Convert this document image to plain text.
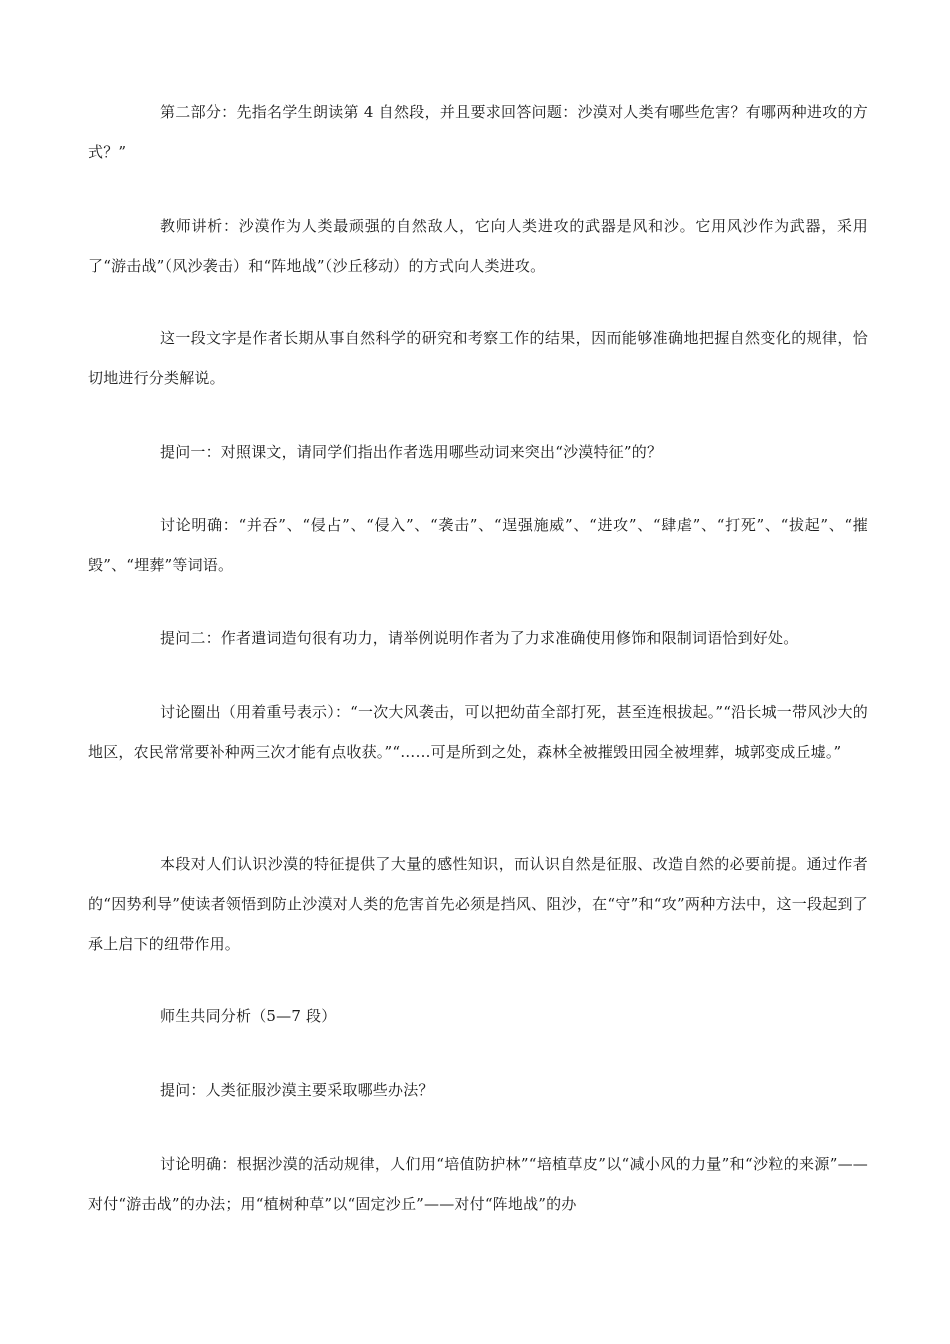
第二部分：先指名学生朗读第 4 自然段，并且要求回答问题：沙漠对人类有哪些危害？有哪两种进攻的方式？”

教师讲析：沙漠作为人类最顽强的自然敌人，它向人类进攻的武器是风和沙。它用风沙作为武器，采用了“游击战”（风沙袭击）和“阵地战”（沙丘移动）的方式向人类进攻。

这一段文字是作者长期从事自然科学的研究和考察工作的结果，因而能够准确地把握自然变化的规律，恰切地进行分类解说。

提问一：对照课文，请同学们指出作者选用哪些动词来突出“沙漠特征”的？

讨论明确：“并吞”、“侵占”、“侵入”、“袭击”、“逞强施威”、“进攻”、“肆虐”、“打死”、“拔起”、“摧毁”、“埋葬”等词语。

提问二：作者遣词造句很有功力，请举例说明作者为了力求准确使用修饰和限制词语恰到好处。

讨论圈出（用着重号表示）：“一次大风袭击，可以把幼苗全部打死，甚至连根拔起。”“沿长城一带风沙大的地区，农民常常要补种两三次才能有点收获。”“……可是所到之处，森林全被摧毁田园全被埋葬，城郭变成丘墟。”

本段对人们认识沙漠的特征提供了大量的感性知识，而认识自然是征服、改造自然的必要前提。通过作者的“因势利导”使读者领悟到防止沙漠对人类的危害首先必须是挡风、阻沙，在“守”和“攻”两种方法中，这一段起到了承上启下的纽带作用。

师生共同分析（5—7 段）

提问：人类征服沙漠主要采取哪些办法？

讨论明确：根据沙漠的活动规律，人们用“培值防护林”“培植草皮”以“减小风的力量”和“沙粒的来源”——对付“游击战”的办法；用“植树种草”以“固定沙丘”——对付“阵地战”的办
